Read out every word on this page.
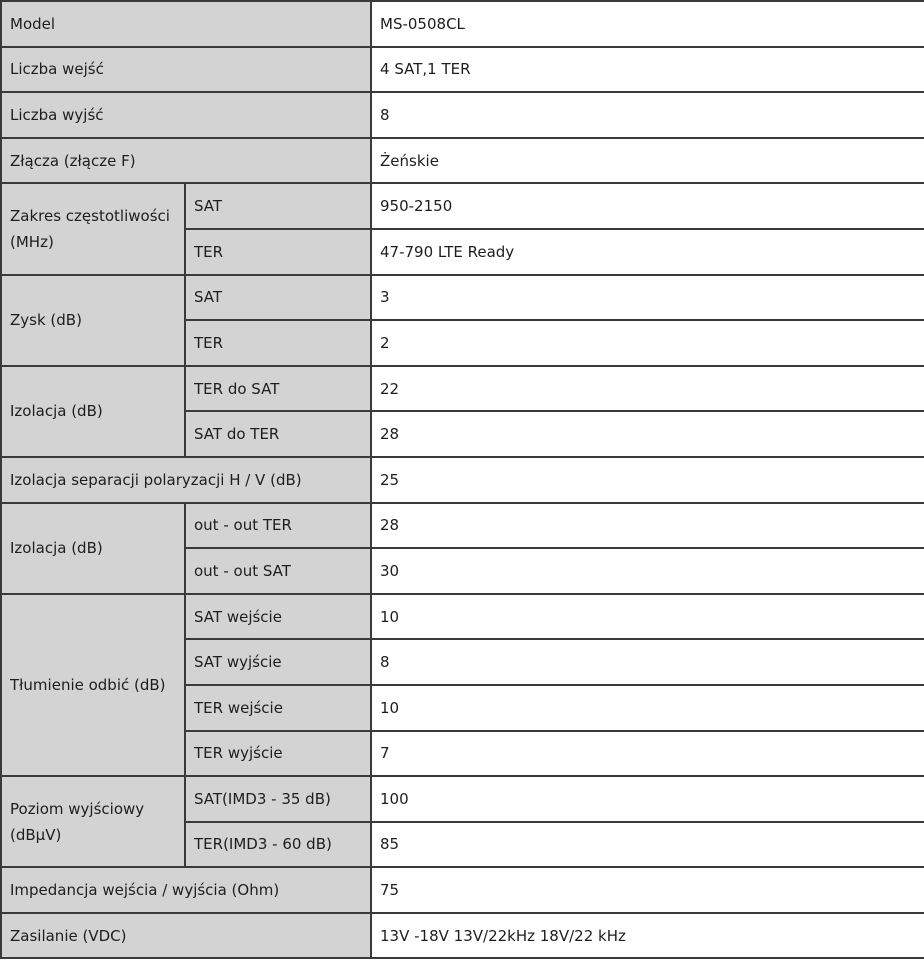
Model		MS-0508CL
Liczba wejść		4 SAT,1 TER
Liczba wyjść		8
Złącza (złącze F)		Żeńskie
Zakres częstotliwości (MHz)	SAT	950-2150
	TER	47-790 LTE Ready
Zysk (dB)	SAT	3
	TER	2
Izolacja (dB)	TER do SAT	22
	SAT do TER	28
Izolacja separacji polaryzacji H / V (dB)		25
Izolacja (dB)	out - out TER	28
	out - out SAT	30
Tłumienie odbić (dB)	SAT wejście	10
	SAT wyjście	8
	TER wejście	10
	TER wyjście	7
Poziom wyjściowy (dBµV)	SAT(IMD3 - 35 dB)	100
	TER(IMD3 - 60 dB)	85
Impedancja wejścia / wyjścia (Ohm)		75
Zasilanie (VDC)		13V -18V 13V/22kHz 18V/22 kHz
